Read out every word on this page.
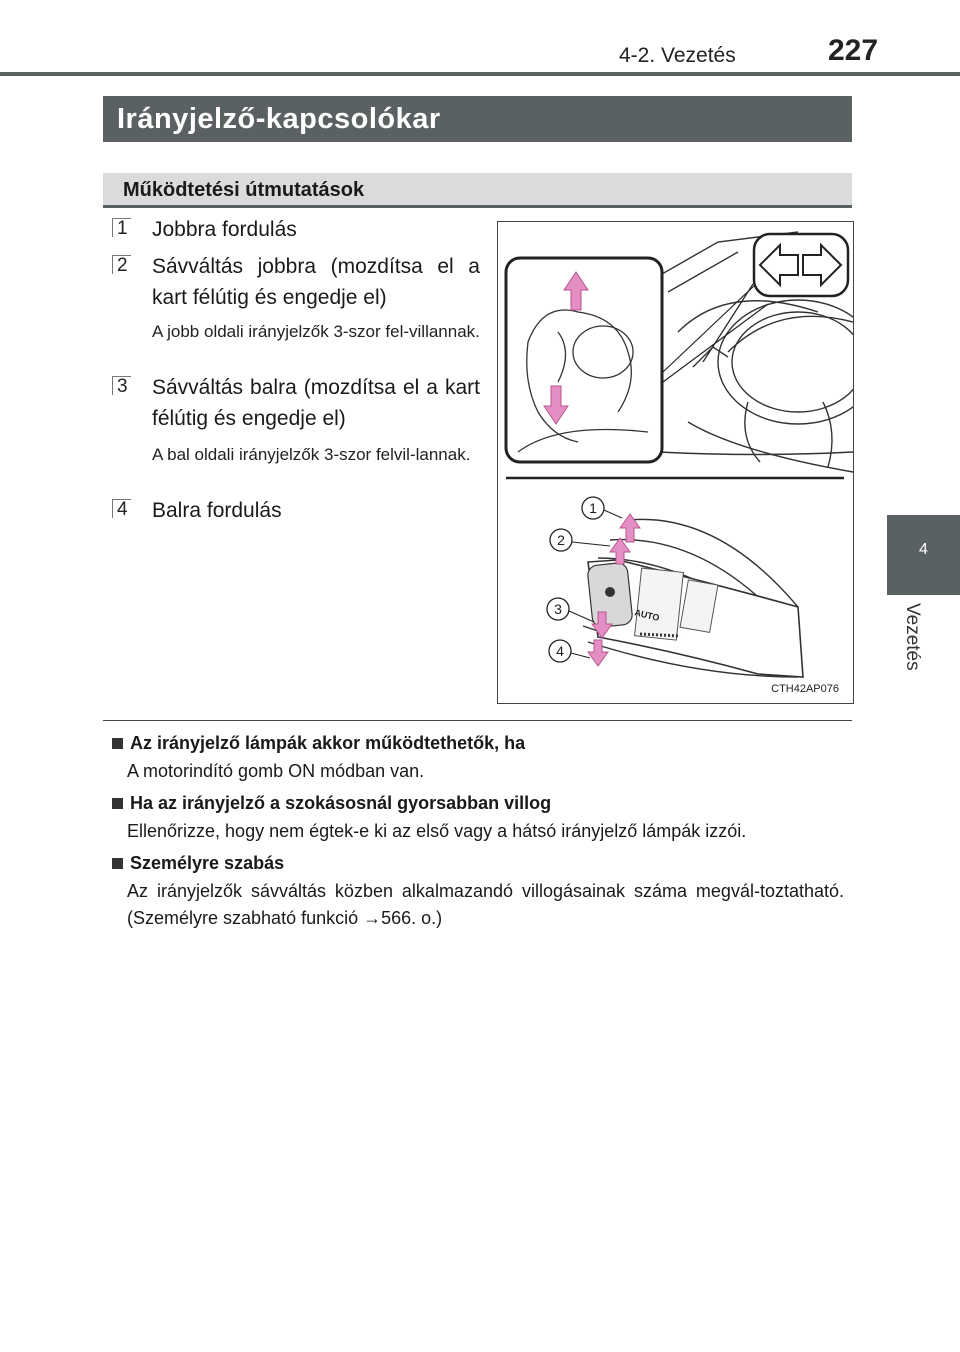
4-2. Vezetés	227
4
Vezetés
Irányjelző-kapcsolókar
Működtetési útmutatások
1 Jobbra fordulás
2 Sávváltás jobbra (mozdítsa el a kart félútig és engedje el)
A jobb oldali irányjelzők 3-szor fel-villannak.
3 Sávváltás balra (mozdítsa el a kart félútig és engedje el)
A bal oldali irányjelzők 3-szor felvil-lannak.
4 Balra fordulás
AUTO
1
2
3
4
CTH42AP076
Az irányjelző lámpák akkor működtethetők, ha
A motorindító gomb ON módban van.
Ha az irányjelző a szokásosnál gyorsabban villog
Ellenőrizze, hogy nem égtek-e ki az első vagy a hátsó irányjelző lámpák izzói.
Személyre szabás
Az irányjelzők sávváltás közben alkalmazandó villogásainak száma megvál-toztatható. (Személyre szabható funkció →566. o.)
